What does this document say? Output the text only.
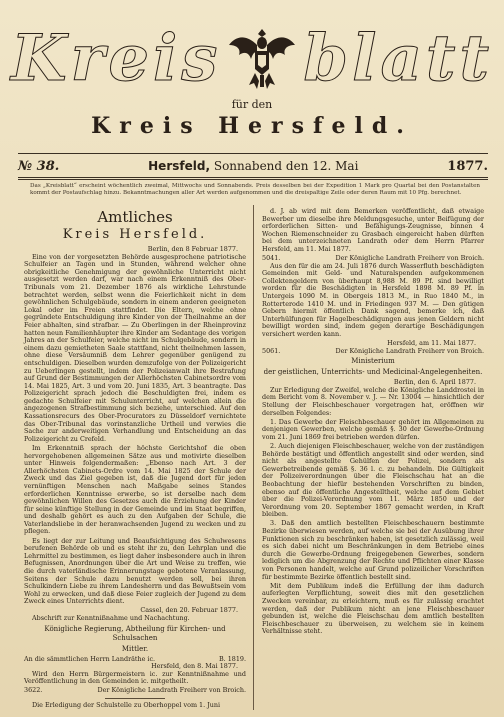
Kreis blatt
für den
Kreis Hersfeld.
№ 38.	Hersfeld, Sonnabend den 12. Mai	1877.
Das „Kreisblatt“ erscheint wöchentlich zweimal, Mittwochs und Sonnabends. Preis desselben bei der Expedition 1 Mark pro Quartal bei den Postanstalten kommt der Postaufschlag hinzu. Bekanntmachungen aller Art werden aufgenommen und die dreispaltige Zeile oder deren Raum mit 10 Pfg. berechnet.
Amtliches
Kreis Hersfeld.
Berlin, den 8 Februar 1877.

Eine von der vorgesetzten Behörde ausgesprochene patriotische Schulfeier an Tagen und in Stunden, während welcher ohne obrigkeitliche Genehmigung der gewöhnliche Unterricht nicht ausgesetzt werden darf, war nach einem Erkenntniß des Ober-Tribunals vom 21. Dezember 1876 als wirkliche Lehrstunde betrachtet werden, selbst wenn die Feierlichkeit nicht in dem gewöhnlichen Schulgebäude, sondern in einem anderen geeigneten Lokal oder im Freien stattfindet. Die Eltern, welche ohne gegründete Entschuldigung ihre Kinder von der Theilnahme an der Feier abhalten, sind strafbar. — Zu Oberlingen in der Rheinprovinz hatten neun Familienhäupter ihre Kinder am Sedantage des vorigen Jahres an der Schulfeier, welche nicht im Schulgebäude, sondern in einem dazu gemietheten Saale stattfand, nicht theilnehmen lassen, ohne diese Versäumniß dem Lehrer gegenüber genügend zu entschuldigen. Dieselben wurden demzufolge von der Polizeigericht zu Ueberlingen gestellt, indem der Polizeianwalt ihre Bestrafung auf Grund der Bestimmungen der Allerhöchsten Cabinetsordre vom 14. Mai 1825, Art. 3 und vom 20. Juni 1835, Art. 3 beantragte. Das Polizeigericht sprach jedoch die Beschuldigten frei, indem es gedachte Schulfeier mit Schulunterricht, auf welchen allein die angezogenen Strafbestimmung sich beziehe, unterschied. Auf den Kassationsrecurs des Ober-Procurators zu Düsseldorf vernichtete das Ober-Tribunal das vorinstanzliche Urtheil und verwies die Sache zur anderweitigen Verhandlung und Entscheidung an das Polizeigericht zu Crefeld.

Im Erkenntniß sprach der höchste Gerichtshof die oben hervorgehobenen allgemeinen Sätze aus und motivirte dieselben unter Hinweis folgendermaßen: „Ebenso nach Art. 3 der Allerhöchsten Cabinets-Ordre vom 14. Mai 1825 der Schule der Zweck und das Ziel gegeben ist, daß die Jugend dort für jeden vernünftigen Menschen nach Maßgabe seines Standes erforderlichen Kenntnisse erwerbe, so ist derselbe nach dem gewöhnlichen Willen des Gesetzes auch die Erziehung der Kinder für seine künftige Stellung in der Gemeinde und im Staat begriffen, und deshalb gehört es auch zu den Aufgaben der Schule, die Vaterlandsliebe in der heranwachsenden Jugend zu wecken und zu pflegen.

Es liegt der zur Leitung und Beaufsichtigung des Schulwesens berufenen Behörde ob und es steht ihr zu, den Lehrplan und die Lehrmittel zu bestimmen, es liegt daher insbesondere auch in ihren Befugnissen, Anordnungen über die Art und Weise zu treffen, wie die durch vaterländische Erinnerungstage gebotene Veranlassung, Seitens der Schule dazu benutzt werden soll, bei ihren Schulkindern Liebe zu ihrem Landesherrn und das Bewußtsein vom Wohl zu erwecken, und daß diese Feier zugleich der Jugend zu dem Zweck eines Unterrichts dient.

Cassel, den 20. Februar 1877.

Abschrift zur Kenntnißnahme und Nachachtung.

Königliche Regierung, Abtheilung für Kirchen- und Schulsachen
Mittler.
An die sämmtlichen Herrn Landräthe ic.	B. 1819.
Hersfeld, den 8. Mai 1877.

Wird den Herrn Bürgermeistern ic. zur Kenntnißnahme und Veröffentlichung in den Gemeinden ic. mitgetheilt.

3622.	Der Königliche Landrath Freiherr von Broich.

Die Erledigung der Schulstelle zu Oberhoppel vom 1. Juni

d. J. ab wird mit dem Bemerken veröffentlicht, daß etwaige Bewerber um dieselbe ihre Meldungsgesuche, unter Beifügung der erforderlichen Sitten- und Befähigungs-Zeugnisse, binnen 4 Wochen Riemenschneider zu Grasbach eingereicht haben dürften bei dem unterzeichneten Landrath oder dem Herrn Pfarrer Hersfeld, am 11. Mai 1877.

5041.	Der Königliche Landrath Freiherr von Broich.

Aus den für die am 24. Juli 1876 durch Wasserfluth beschädigten Gemeinden mit Geld- und Naturalspenden aufgekommenen Collektengeldern von überhaupt 8,988 M. 89 Pf. sind bewilligt worden für die Beschädigten in Hersfeld 1898 M. 89 Pf. in Untergeis 1090 M. in Obergeis 1813 M., in Ruo 1840 M., in Rotterterode 1410 M. und in Friedingen 937 M. — Den gütigen Gebern hiermit öffentlich Dank sagend, bemerke ich, daß Unterhülfungen für Hagelbeschädigungen aus jenen Geldern nicht bewilligt worden sind, indem gegen derartige Beschädigungen versichert werden kann.

Hersfeld, am 11. Mai 1877.
5061.	Der Königliche Landrath Freiherr von Broich.
Ministerium
der geistlichen, Unterrichts- und Medicinal-Angelegenheiten.
Berlin, den 6. April 1877.

Zur Erledigung der Zweifel, welche die Königliche Landdrostei in dem Bericht vom 8. November v. J. — Nr. 13004 — hinsichtlich der Stellung der Fleischbeschauer vorgetragen hat, eröffnen wir derselben Folgendes:

1. Das Gewerbe der Fleischbeschauer gehört im Allgemeinen zu denjenigen Gewerben, welche gemäß §. 30 der Gewerbe-Ordnung vom 21. Juni 1869 frei betrieben werden dürfen.

2. Auch diejenigen Fleischbeschauer, welche von der zuständigen Behörde bestätigt und öffentlich angestellt sind oder werden, sind nicht als angestellte Gehülfen der Polizei, sondern als Gewerbetreibende gemäß §. 36 l. c. zu behandeln. Die Gültigkeit der Polizeiverordnungen über die Fleischschau hat an die Beobachtung der hiefür bestehenden Vorschriften zu binden, ebenso auf die öffentliche Angestelltheit, welche auf dem Gebiet über die Polizei-Verordnung vom 11. März 1850 und der Verordnung vom 20. September 1867 gemacht werden, in Kraft bleiben.

3. Daß den amtlich bestellten Fleischbeschauern bestimmte Bezirke überwiesen werden, auf welche sie bei der Ausübung ihrer Funktionen sich zu beschränken haben, ist gesetzlich zulässig, weil es sich dabei nicht um Beschränkungen in dem Betriebe eines durch die Gewerbe-Ordnung freigegebenen Gewerbes, sondern lediglich um die Abgrenzung der Rechte und Pflichten einer Klasse von Personen handelt, welche auf Grund polizeilicher Vorschriften für bestimmte Bezirke öffentlich bestellt sind.

Mit dem Publikum indeß die Erfüllung der ihm dadurch auferlegten Verpflichtung, soweit dies mit den gesetzlichen Zwecken vereinbar, zu erleichtern, muß es für zulässig erachtet werden, daß der Publikum nicht an jene Fleischbeschauer gebunden ist, welche die Fleischschau dem amtlich bestellten Fleischbeschauer zu überweisen, zu welchem sie in keinem Verhältnisse steht.
